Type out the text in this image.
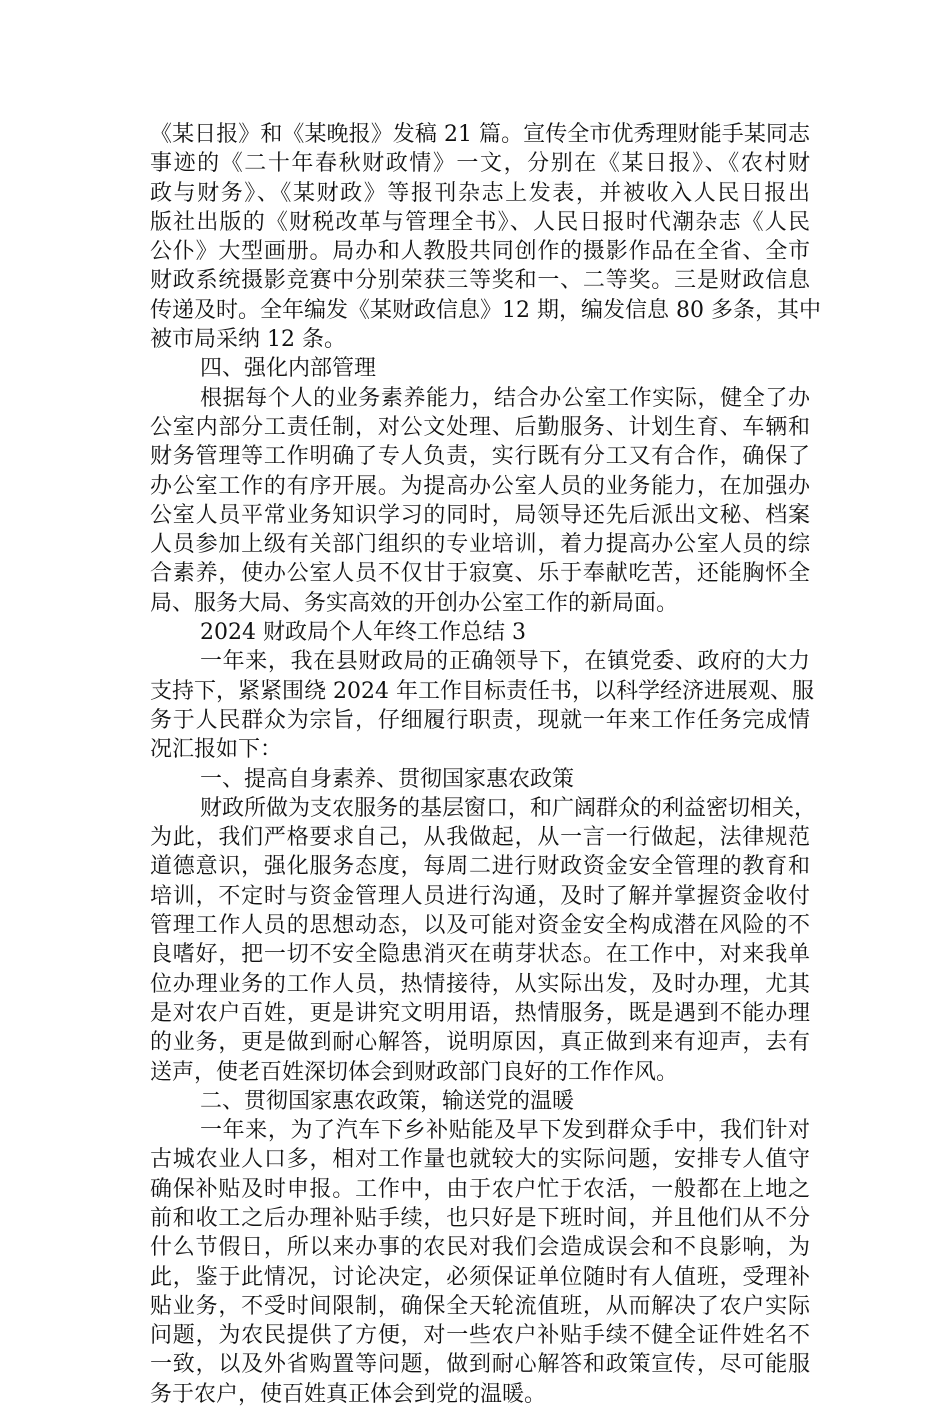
《某日报》和《某晚报》发稿 21 篇。宣传全市优秀理财能手某同志
事迹的《二十年春秋财政情》一文，分别在《某日报》、《农村财
政与财务》、《某财政》等报刊杂志上发表，并被收入人民日报出
版社出版的《财税改革与管理全书》、人民日报时代潮杂志《人民
公仆》大型画册。局办和人教股共同创作的摄影作品在全省、全市
财政系统摄影竞赛中分别荣获三等奖和一、二等奖。三是财政信息
传递及时。全年编发《某财政信息》12 期，编发信息 80 多条，其中
被市局采纳 12 条。
四、强化内部管理
根据每个人的业务素养能力，结合办公室工作实际，健全了办
公室内部分工责任制，对公文处理、后勤服务、计划生育、车辆和
财务管理等工作明确了专人负责，实行既有分工又有合作，确保了
办公室工作的有序开展。为提高办公室人员的业务能力，在加强办
公室人员平常业务知识学习的同时，局领导还先后派出文秘、档案
人员参加上级有关部门组织的专业培训，着力提高办公室人员的综
合素养，使办公室人员不仅甘于寂寞、乐于奉献吃苦，还能胸怀全
局、服务大局、务实高效的开创办公室工作的新局面。
2024 财政局个人年终工作总结 3
一年来，我在县财政局的正确领导下，在镇党委、政府的大力
支持下，紧紧围绕 2024 年工作目标责任书，以科学经济进展观、服
务于人民群众为宗旨，仔细履行职责，现就一年来工作任务完成情
况汇报如下：
一、提高自身素养、贯彻国家惠农政策
财政所做为支农服务的基层窗口，和广阔群众的利益密切相关，
为此，我们严格要求自己，从我做起，从一言一行做起，法律规范
道德意识，强化服务态度，每周二进行财政资金安全管理的教育和
培训，不定时与资金管理人员进行沟通，及时了解并掌握资金收付
管理工作人员的思想动态，以及可能对资金安全构成潜在风险的不
良嗜好，把一切不安全隐患消灭在萌芽状态。在工作中，对来我单
位办理业务的工作人员，热情接待，从实际出发，及时办理，尤其
是对农户百姓，更是讲究文明用语，热情服务，既是遇到不能办理
的业务，更是做到耐心解答，说明原因，真正做到来有迎声，去有
送声，使老百姓深切体会到财政部门良好的工作作风。
二、贯彻国家惠农政策，输送党的温暖
一年来，为了汽车下乡补贴能及早下发到群众手中，我们针对
古城农业人口多，相对工作量也就较大的实际问题，安排专人值守
确保补贴及时申报。工作中，由于农户忙于农活，一般都在上地之
前和收工之后办理补贴手续，也只好是下班时间，并且他们从不分
什么节假日，所以来办事的农民对我们会造成误会和不良影响，为
此，鉴于此情况，讨论决定，必须保证单位随时有人值班，受理补
贴业务，不受时间限制，确保全天轮流值班，从而解决了农户实际
问题，为农民提供了方便，对一些农户补贴手续不健全证件姓名不
一致，以及外省购置等问题，做到耐心解答和政策宣传，尽可能服
务于农户，使百姓真正体会到党的温暖。
